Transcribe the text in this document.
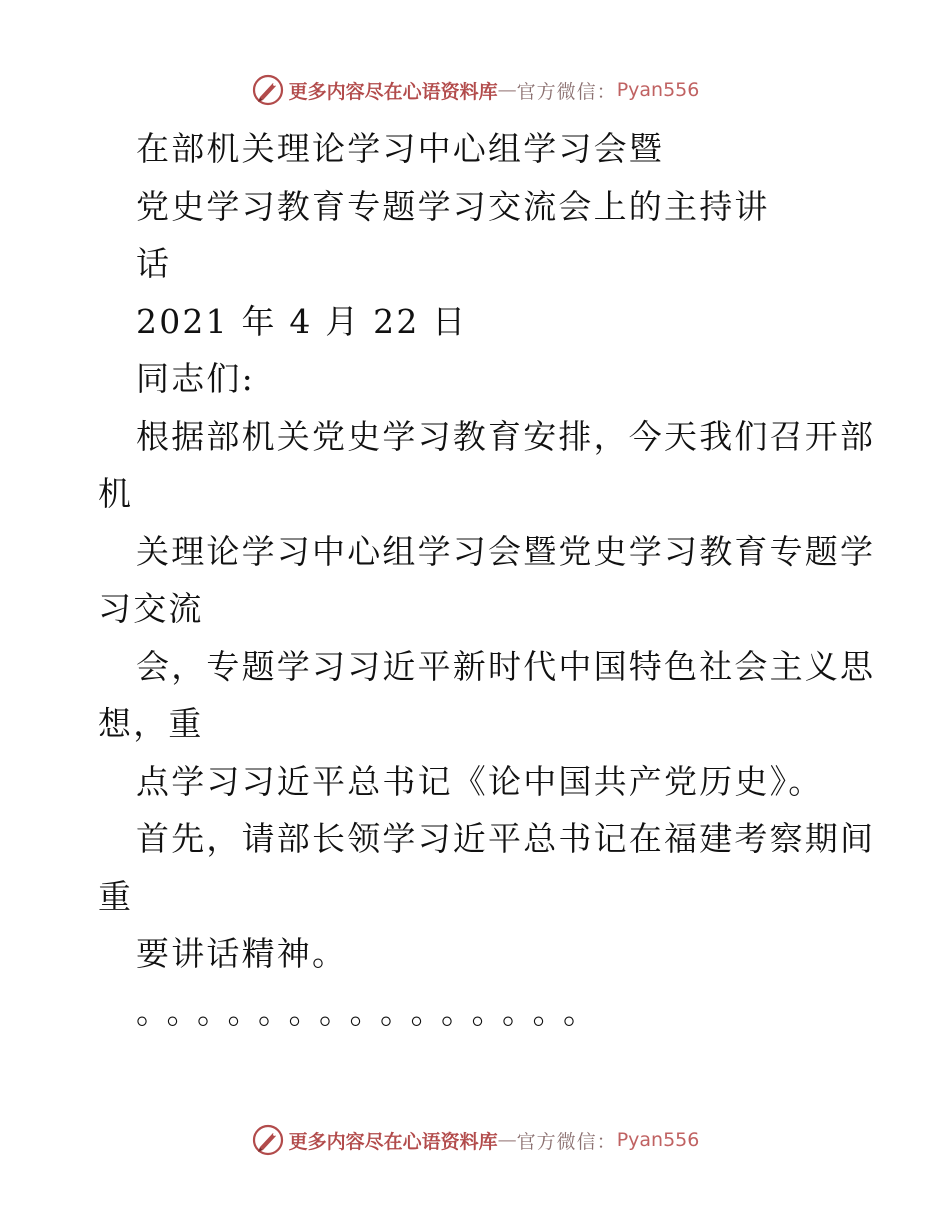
更多内容尽在心语资料库 — 官方微信： Pyan556
在部机关理论学习中心组学习会暨
党史学习教育专题学习交流会上的主持讲
话
2021 年 4 月 22 日
同志们:
根据部机关党史学习教育安排，今天我们召开部
机
关理论学习中心组学习会暨党史学习教育专题学
习交流
会，专题学习习近平新时代中国特色社会主义思
想，重
点学习习近平总书记《论中国共产党历史》。
首先，请部长领学习近平总书记在福建考察期间
重
要讲话精神。
。。。。。。。。。。。。。。。
更多内容尽在心语资料库 — 官方微信： Pyan556
